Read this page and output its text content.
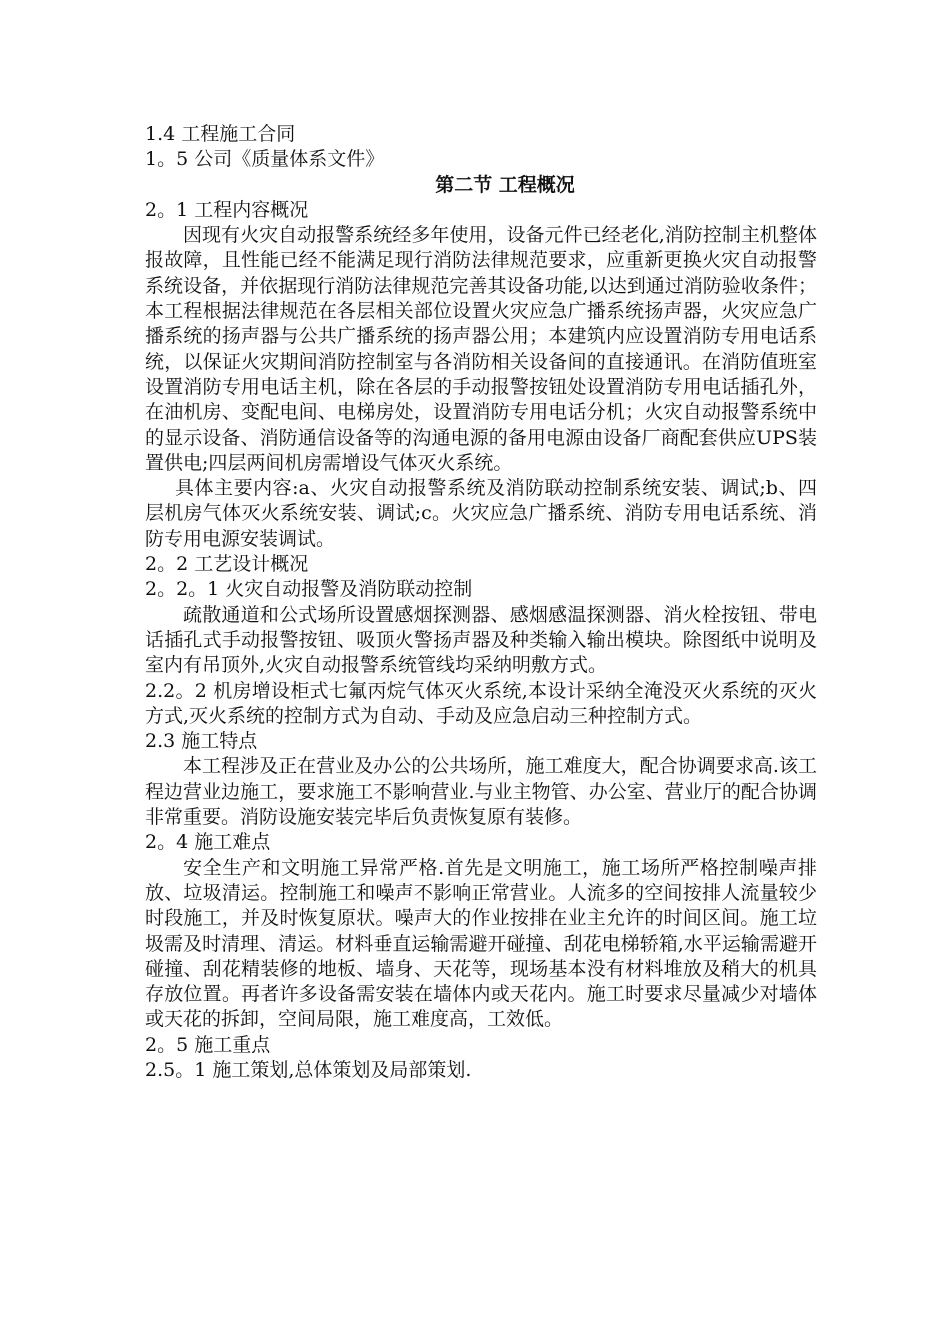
1.4 工程施工合同
1。5 公司《质量体系文件》
第二节 工程概况
2。1 工程内容概况
因现有火灾自动报警系统经多年使用，设备元件已经老化,消防控制主机整体报故障，且性能已经不能满足现行消防法律规范要求，应重新更换火灾自动报警系统设备，并依据现行消防法律规范完善其设备功能,以达到通过消防验收条件；本工程根据法律规范在各层相关部位设置火灾应急广播系统扬声器，火灾应急广播系统的扬声器与公共广播系统的扬声器公用；本建筑内应设置消防专用电话系统，以保证火灾期间消防控制室与各消防相关设备间的直接通讯。在消防值班室设置消防专用电话主机，除在各层的手动报警按钮处设置消防专用电话插孔外，在油机房、变配电间、电梯房处，设置消防专用电话分机；火灾自动报警系统中的显示设备、消防通信设备等的沟通电源的备用电源由设备厂商配套供应UPS装置供电;四层两间机房需增设气体灭火系统。
具体主要内容:a、火灾自动报警系统及消防联动控制系统安装、调试;b、四层机房气体灭火系统安装、调试;c。火灾应急广播系统、消防专用电话系统、消防专用电源安装调试。
2。2 工艺设计概况
2。2。1 火灾自动报警及消防联动控制
疏散通道和公式场所设置感烟探测器、感烟感温探测器、消火栓按钮、带电话插孔式手动报警按钮、吸顶火警扬声器及种类输入输出模块。除图纸中说明及室内有吊顶外,火灾自动报警系统管线均采纳明敷方式。
2.2。2 机房增设柜式七氟丙烷气体灭火系统,本设计采纳全淹没灭火系统的灭火方式,灭火系统的控制方式为自动、手动及应急启动三种控制方式。
2.3 施工特点
本工程涉及正在营业及办公的公共场所，施工难度大，配合协调要求高.该工程边营业边施工，要求施工不影响营业.与业主物管、办公室、营业厅的配合协调非常重要。消防设施安装完毕后负责恢复原有装修。
2。4 施工难点
安全生产和文明施工异常严格.首先是文明施工，施工场所严格控制噪声排放、垃圾清运。控制施工和噪声不影响正常营业。人流多的空间按排人流量较少时段施工，并及时恢复原状。噪声大的作业按排在业主允许的时间区间。施工垃圾需及时清理、清运。材料垂直运输需避开碰撞、刮花电梯轿箱,水平运输需避开碰撞、刮花精装修的地板、墙身、天花等，现场基本没有材料堆放及稍大的机具存放位置。再者许多设备需安装在墙体内或天花内。施工时要求尽量减少对墙体或天花的拆卸，空间局限，施工难度高，工效低。
2。5 施工重点
2.5。1 施工策划,总体策划及局部策划.
